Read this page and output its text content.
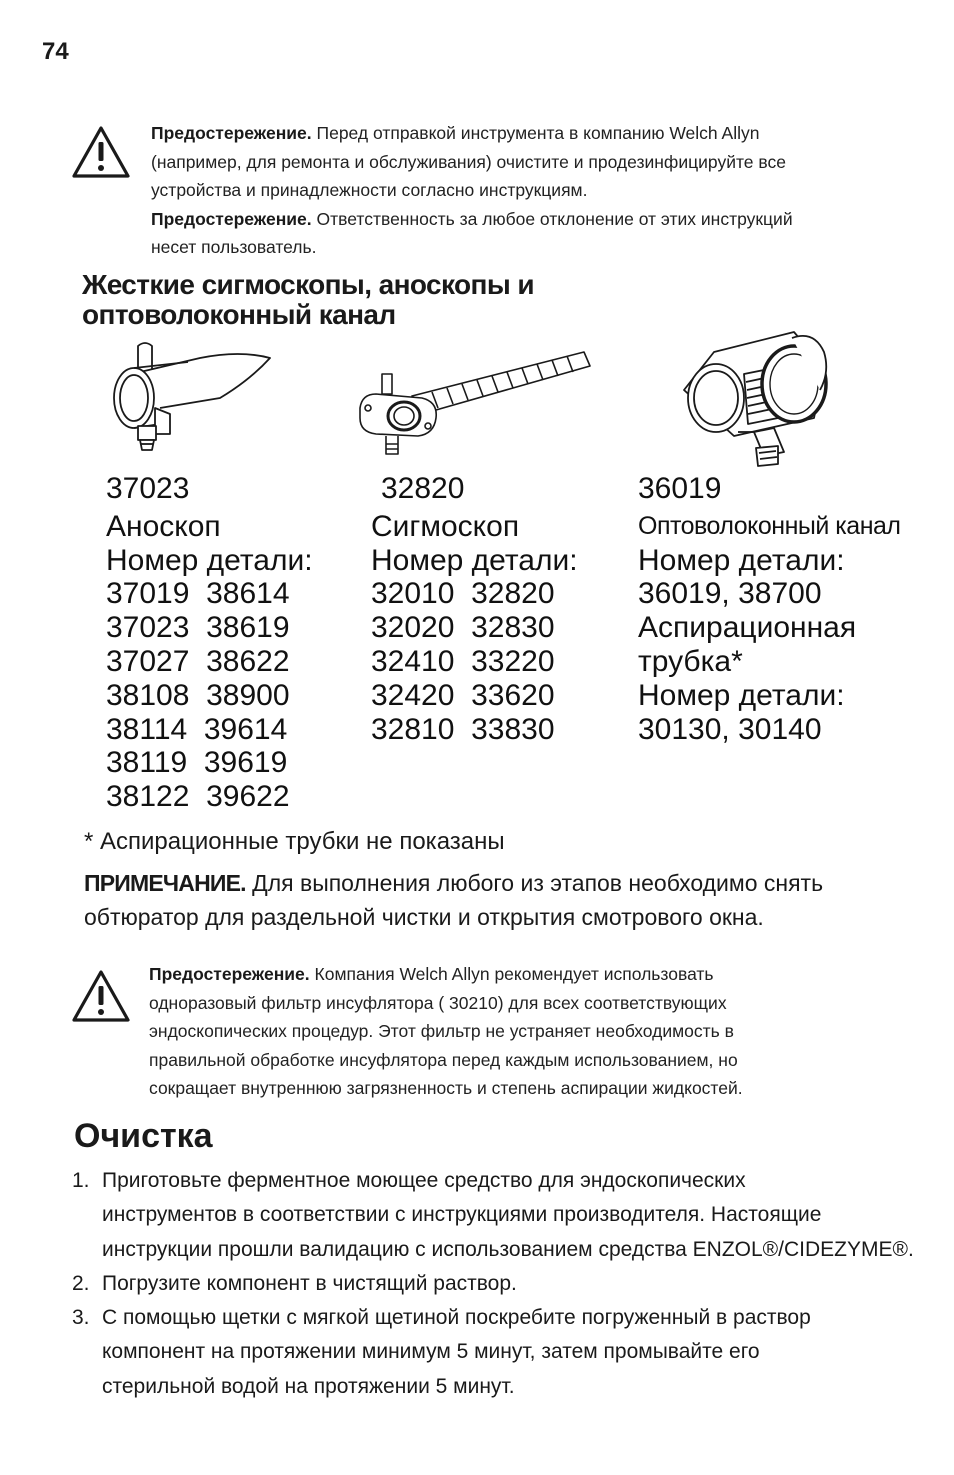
74
Предостережение. Перед отправкой инструмента в компанию Welch Allyn
(например, для ремонта и обслуживания) очистите и продезинфицируйте все
устройства и принадлежности согласно инструкциям.
Предостережение. Ответственность за любое отклонение от этих инструкций
несет пользователь.
Жесткие сигмоскопы, аноскопы и
оптоволоконный канал
37023
Аноскоп
Номер детали:
37019  38614
37023  38619
37027  38622
38108  38900
38114  39614
38119  39619
38122  39622
32820
Сигмоскоп
Номер детали:
32010  32820
32020  32830
32410  33220
32420  33620
32810  33830
36019
Оптоволоконный канал
Номер детали:
36019, 38700
Аспирационная
трубка*
Номер детали:
30130, 30140
* Аспирационные трубки не показаны
ПРИМЕЧАНИЕ. Для выполнения любого из этапов необходимо снять
обтюратор для раздельной чистки и открытия смотрового окна.
Предостережение. Компания Welch Allyn рекомендует использовать
одноразовый фильтр инсуфлятора ( 30210) для всех соответствующих
эндоскопических процедур. Этот фильтр не устраняет необходимость в
правильной обработке инсуфлятора перед каждым использованием, но
сокращает внутреннюю загрязненность и степень аспирации жидкостей.
Очистка
1. Приготовьте ферментное моющее средство для эндоскопических
инструментов в соответствии с инструкциями производителя. Настоящие
инструкции прошли валидацию с использованием средства ENZOL®/CIDEZYME®.
2. Погрузите компонент в чистящий раствор.
3. С помощью щетки с мягкой щетиной поскребите погруженный в раствор
компонент на протяжении минимум 5 минут, затем промывайте его
стерильной водой на протяжении 5 минут.
